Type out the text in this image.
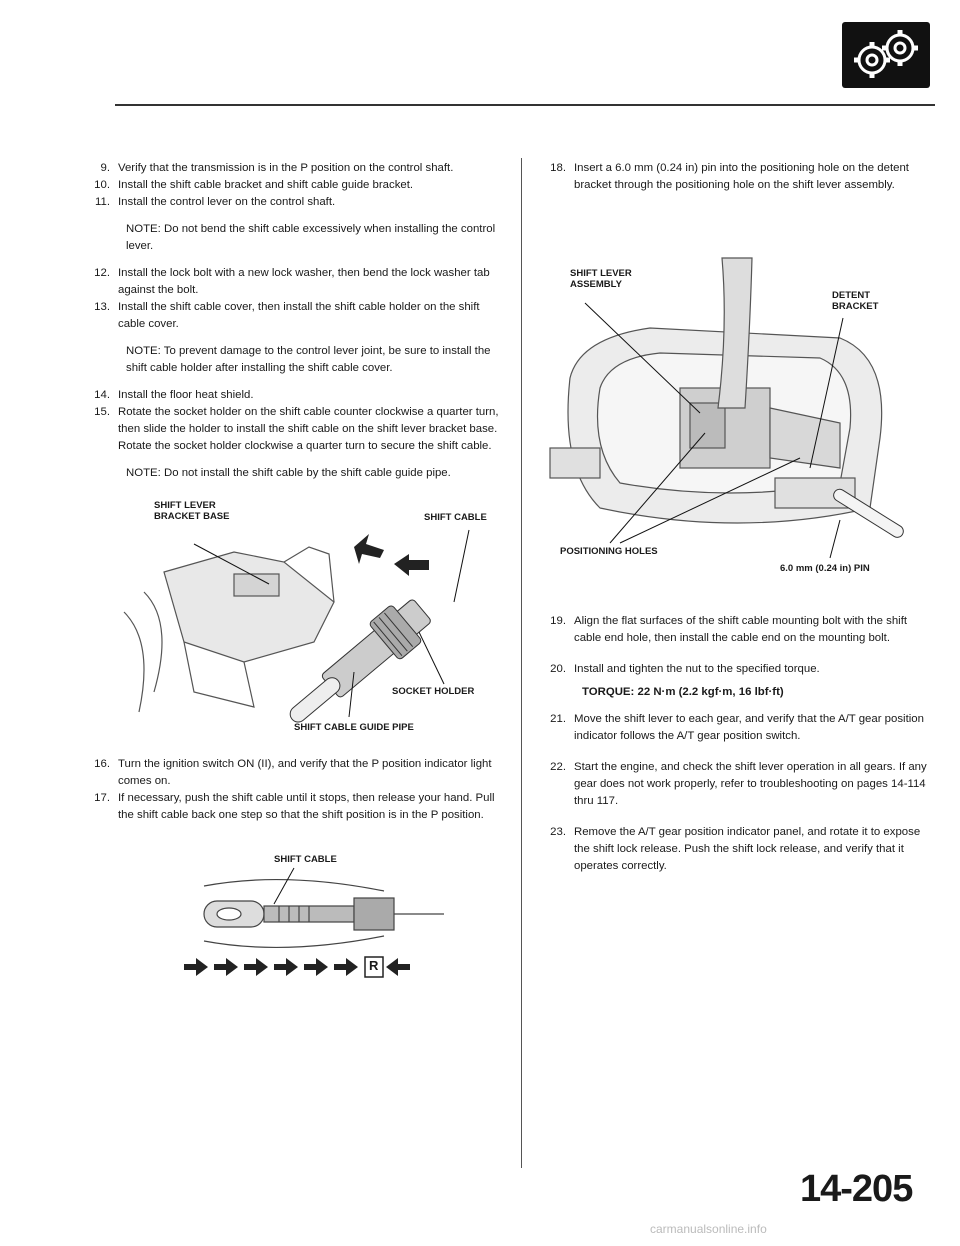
9. Verify that the transmission is in the P position on the control shaft.
10. Install the shift cable bracket and shift cable guide bracket.
11. Install the control lever on the control shaft.

NOTE: Do not bend the shift cable excessively when installing the control lever.

12. Install the lock bolt with a new lock washer, then bend the lock washer tab against the bolt.
13. Install the shift cable cover, then install the shift cable holder on the shift cable cover.

NOTE: To prevent damage to the control lever joint, be sure to install the shift cable holder after installing the shift cable cover.

14. Install the floor heat shield.
15. Rotate the socket holder on the shift cable counter clockwise a quarter turn, then slide the holder to install the shift cable on the shift lever bracket base. Rotate the socket holder clockwise a quarter turn to secure the shift cable.

NOTE: Do not install the shift cable by the shift cable guide pipe.

SHIFT LEVER
BRACKET BASE	SHIFT CABLE
SOCKET HOLDER
SHIFT CABLE GUIDE PIPE
16. Turn the ignition switch ON (II), and verify that the P position indicator light comes on.
17. If necessary, push the shift cable until it stops, then release your hand. Pull the shift cable back one step so that the shift position is in the P position.
SHIFT CABLE
R
18. Insert a 6.0 mm (0.24 in) pin into the positioning hole on the detent bracket through the positioning hole on the shift lever assembly.
SHIFT LEVER
ASSEMBLY
DETENT
BRACKET
POSITIONING HOLES
6.0 mm (0.24 in) PIN
19. Align the flat surfaces of the shift cable mounting bolt with the shift cable end hole, then install the cable end on the mounting bolt.
20. Install and tighten the nut to the specified torque.

TORQUE: 22 N·m (2.2 kgf·m, 16 lbf·ft)

21. Move the shift lever to each gear, and verify that the A/T gear position indicator follows the A/T gear position switch.
22. Start the engine, and check the shift lever operation in all gears. If any gear does not work properly, refer to troubleshooting on pages 14-114 thru 117.
23. Remove the A/T gear position indicator panel, and rotate it to expose the shift lock release. Push the shift lock release, and verify that it operates correctly.
14-205
carmanualsonline.info
